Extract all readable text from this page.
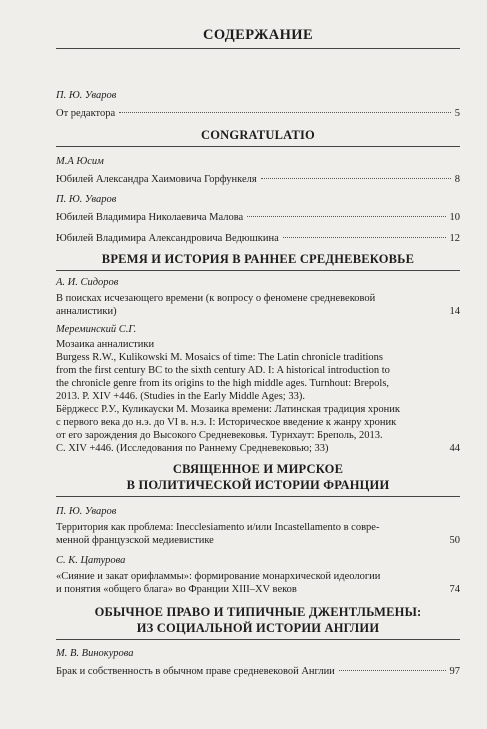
СОДЕРЖАНИЕ
П. Ю. Уваров
От редактора	5
CONGRATULATIO
М.А Юсим
Юбилей Александра Хаимовича Горфункеля	8
П. Ю. Уваров
Юбилей Владимира Николаевича Малова	10
Юбилей Владимира Александровича Ведюшкина	12
ВРЕМЯ И ИСТОРИЯ В РАННЕЕ СРЕДНЕВЕКОВЬЕ
А. И. Сидоров
В поисках исчезающего времени (к вопросу о феномене средневековой
анналистики)	14
Мереминский С.Г.
Мозаика анналистики
Burgess R.W., Kulikowski M. Mosaics of time: The Latin chronicle traditions
from the first century BC to the sixth century AD. I: A historical introduction to
the chronicle genre from its origins to the high middle ages. Turnhout: Brepols,
2013. P. XIV +446. (Studies in the Early Middle Ages; 33).
Бёрджесс Р.У., Куликауски М. Мозаика времени: Латинская традиция хроник
с первого века до н.э. до VI в. н.э. I: Историческое введение к жанру хроник
от его зарождения до Высокого Средневековья. Турнхаут: Бреполь, 2013.
С. XIV +446. (Исследования по Раннему Средневековью; 33)	44
СВЯЩЕННОЕ И МИРСКОЕ
В ПОЛИТИЧЕСКОЙ ИСТОРИИ ФРАНЦИИ
П. Ю. Уваров
Территория как проблема: Inecclesiamento и/или Incastellamento в совре-
менной французской медиевистике	50
С. К. Цатурова
«Сияние и закат орифламмы»: формирование монархической идеологии
и понятия «общего блага» во Франции XIII–XV веков	74
ОБЫЧНОЕ ПРАВО И ТИПИЧНЫЕ ДЖЕНТЛЬМЕНЫ:
ИЗ СОЦИАЛЬНОЙ ИСТОРИИ АНГЛИИ
М. В. Винокурова
Брак и собственность в обычном праве средневековой Англии	97
